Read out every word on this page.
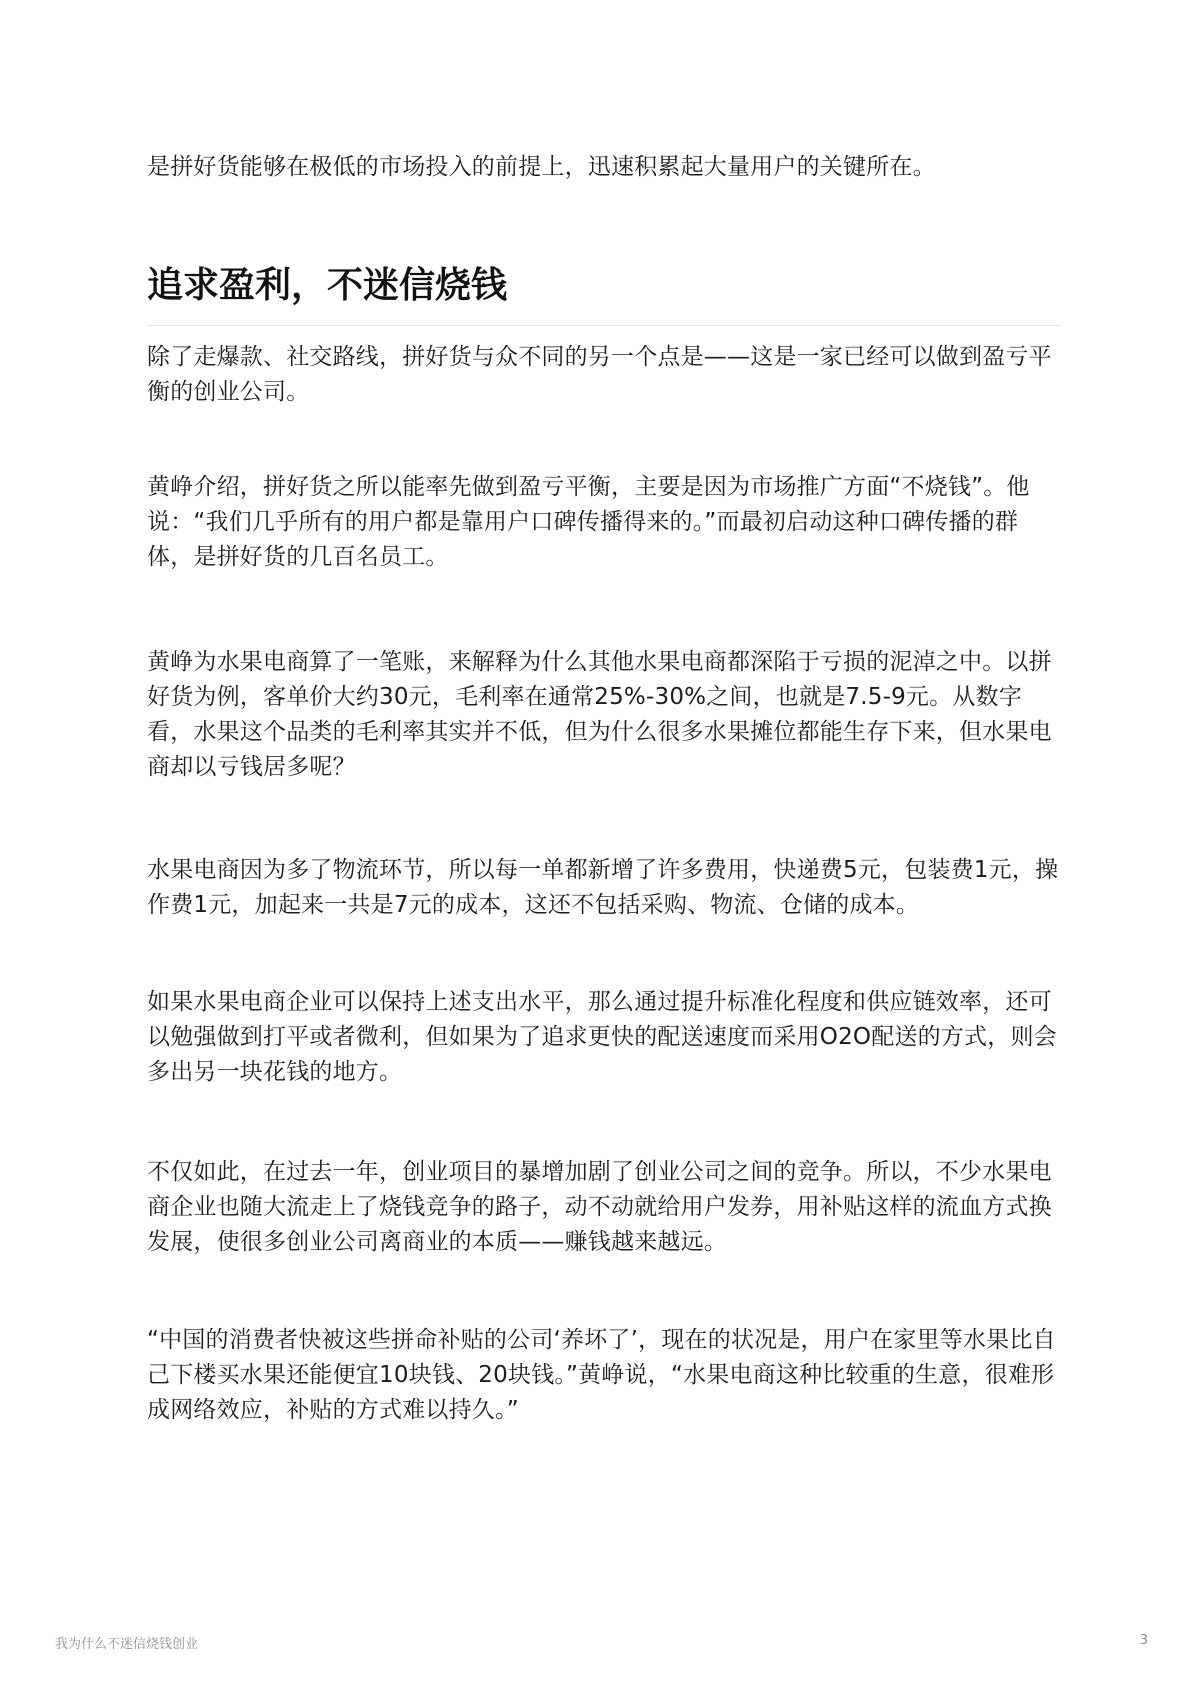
是拼好货能够在极低的市场投入的前提上，迅速积累起大量用户的关键所在。

追求盈利，不迷信烧钱

除了走爆款、社交路线，拼好货与众不同的另一个点是——这是一家已经可以做到盈亏平衡的创业公司。

黄峥介绍，拼好货之所以能率先做到盈亏平衡，主要是因为市场推广方面“不烧钱”。他说：“我们几乎所有的用户都是靠用户口碑传播得来的。”而最初启动这种口碑传播的群体，是拼好货的几百名员工。

黄峥为水果电商算了一笔账，来解释为什么其他水果电商都深陷于亏损的泥淖之中。以拼好货为例，客单价大约30元，毛利率在通常25%-30%之间，也就是7.5-9元。从数字看，水果这个品类的毛利率其实并不低，但为什么很多水果摊位都能生存下来，但水果电商却以亏钱居多呢？

水果电商因为多了物流环节，所以每一单都新增了许多费用，快递费5元，包装费1元，操作费1元，加起来一共是7元的成本，这还不包括采购、物流、仓储的成本。

如果水果电商企业可以保持上述支出水平，那么通过提升标准化程度和供应链效率，还可以勉强做到打平或者微利，但如果为了追求更快的配送速度而采用O2O配送的方式，则会多出另一块花钱的地方。

不仅如此，在过去一年，创业项目的暴增加剧了创业公司之间的竞争。所以，不少水果电商企业也随大流走上了烧钱竞争的路子，动不动就给用户发券，用补贴这样的流血方式换发展，使很多创业公司离商业的本质——赚钱越来越远。

“中国的消费者快被这些拼命补贴的公司‘养坏了’，现在的状况是，用户在家里等水果比自己下楼买水果还能便宜10块钱、20块钱。”黄峥说，“水果电商这种比较重的生意，很难形成网络效应，补贴的方式难以持久。”

我为什么不迷信烧钱创业	3
